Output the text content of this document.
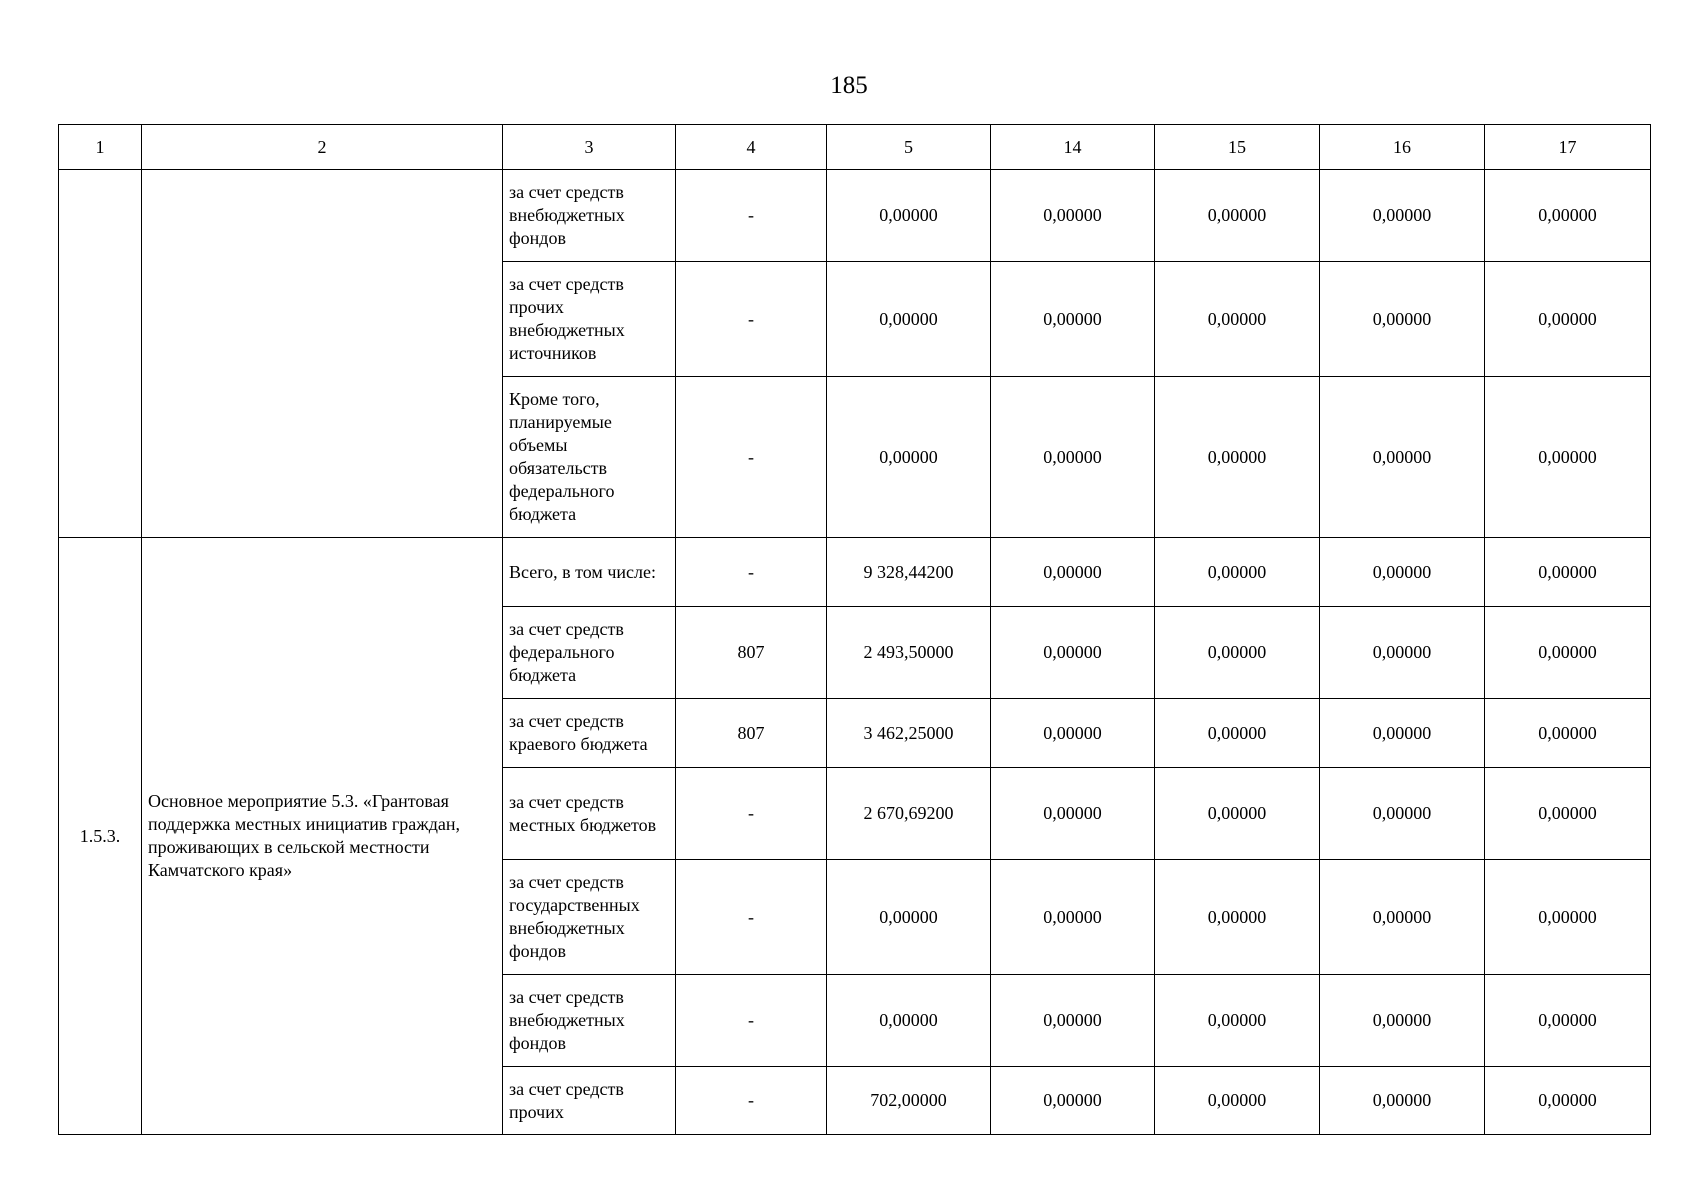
185
1	2	3	4	5	14	15	16	17
		за счет средств внебюджетных фондов	-	0,00000	0,00000	0,00000	0,00000	0,00000
		за счет средств прочих внебюджетных источников	-	0,00000	0,00000	0,00000	0,00000	0,00000
		Кроме того, планируемые объемы обязательств федерального бюджета	-	0,00000	0,00000	0,00000	0,00000	0,00000
1.5.3.	Основное мероприятие 5.3. «Грантовая поддержка местных инициатив граждан, проживающих в сельской местности Камчатского края»	Всего, в том числе:	-	9 328,44200	0,00000	0,00000	0,00000	0,00000
		за счет средств федерального бюджета	807	2 493,50000	0,00000	0,00000	0,00000	0,00000
		за счет средств краевого бюджета	807	3 462,25000	0,00000	0,00000	0,00000	0,00000
		за счет средств местных бюджетов	-	2 670,69200	0,00000	0,00000	0,00000	0,00000
		за счет средств государственных внебюджетных фондов	-	0,00000	0,00000	0,00000	0,00000	0,00000
		за счет средств внебюджетных фондов	-	0,00000	0,00000	0,00000	0,00000	0,00000
		за счет средств прочих	-	702,00000	0,00000	0,00000	0,00000	0,00000
